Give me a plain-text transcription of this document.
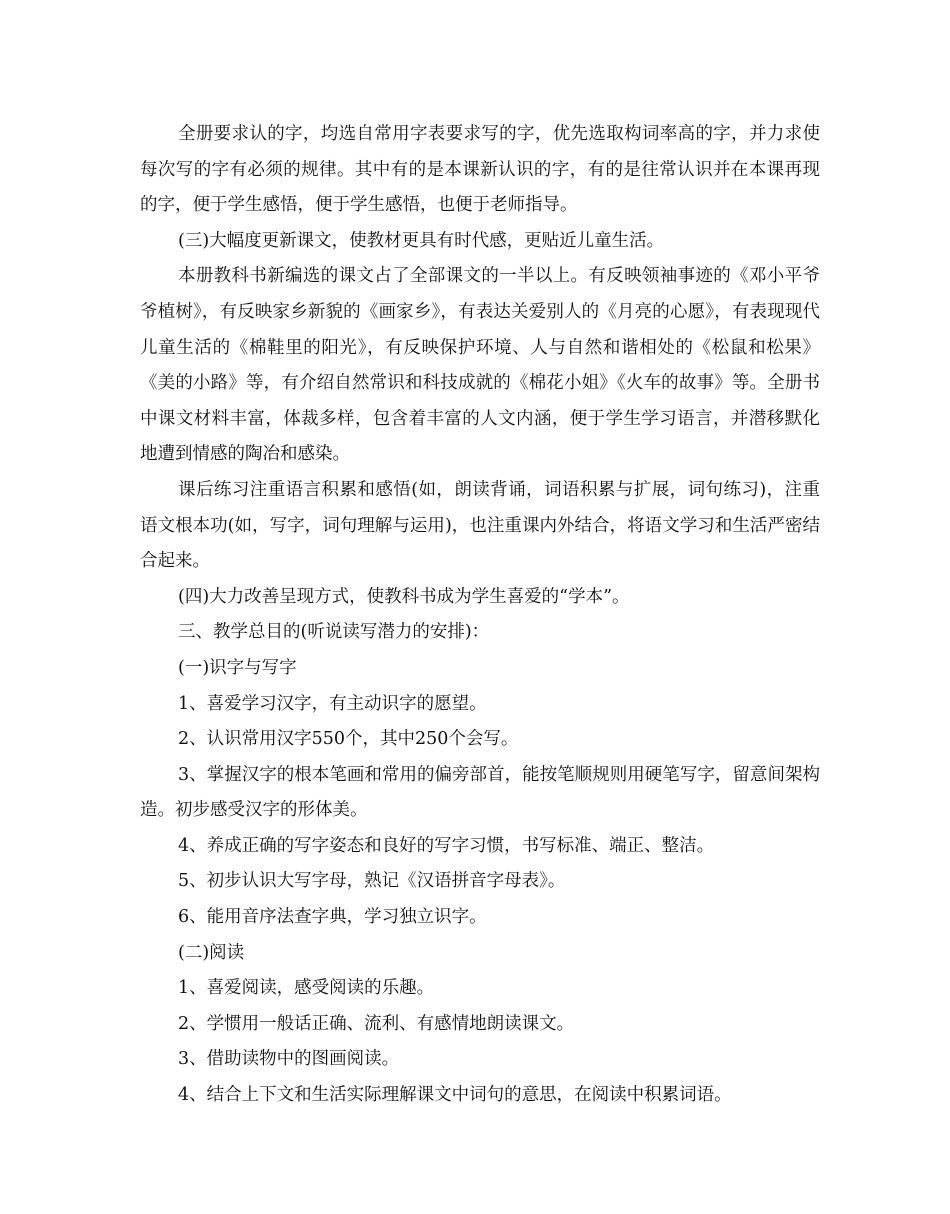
全册要求认的字，均选自常用字表要求写的字，优先选取构词率高的字，并力求使每次写的字有必须的规律。其中有的是本课新认识的字，有的是往常认识并在本课再现的字，便于学生感悟，便于学生感悟，也便于老师指导。

(三)大幅度更新课文，使教材更具有时代感，更贴近儿童生活。

本册教科书新编选的课文占了全部课文的一半以上。有反映领袖事迹的《邓小平爷爷植树》，有反映家乡新貌的《画家乡》，有表达关爱别人的《月亮的心愿》，有表现现代儿童生活的《棉鞋里的阳光》，有反映保护环境、人与自然和谐相处的《松鼠和松果》《美的小路》等，有介绍自然常识和科技成就的《棉花小姐》《火车的故事》等。全册书中课文材料丰富，体裁多样，包含着丰富的人文内涵，便于学生学习语言，并潜移默化地遭到情感的陶冶和感染。

课后练习注重语言积累和感悟(如，朗读背诵，词语积累与扩展，词句练习)，注重语文根本功(如，写字，词句理解与运用)，也注重课内外结合，将语文学习和生活严密结合起来。

(四)大力改善呈现方式，使教科书成为学生喜爱的“学本”。

三、教学总目的(听说读写潜力的安排)：

(一)识字与写字

1、喜爱学习汉字，有主动识字的愿望。

2、认识常用汉字550个，其中250个会写。

3、掌握汉字的根本笔画和常用的偏旁部首，能按笔顺规则用硬笔写字，留意间架构造。初步感受汉字的形体美。

4、养成正确的写字姿态和良好的写字习惯，书写标准、端正、整洁。

5、初步认识大写字母，熟记《汉语拼音字母表》。

6、能用音序法查字典，学习独立识字。

(二)阅读

1、喜爱阅读，感受阅读的乐趣。

2、学惯用一般话正确、流利、有感情地朗读课文。

3、借助读物中的图画阅读。

4、结合上下文和生活实际理解课文中词句的意思，在阅读中积累词语。
